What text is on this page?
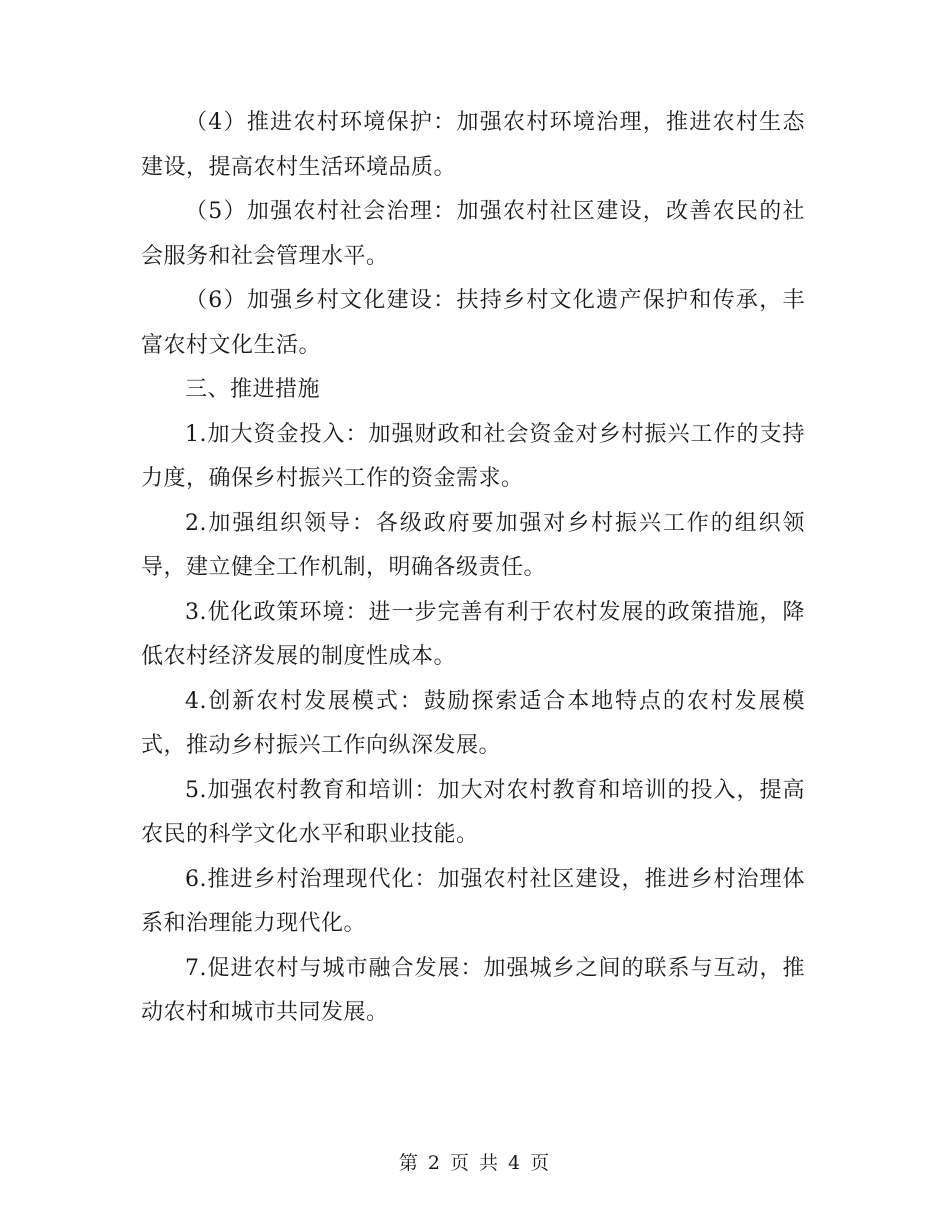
（4）推进农村环境保护：加强农村环境治理，推进农村生态建设，提高农村生活环境品质。

（5）加强农村社会治理：加强农村社区建设，改善农民的社会服务和社会管理水平。

（6）加强乡村文化建设：扶持乡村文化遗产保护和传承，丰富农村文化生活。

三、推进措施

1.加大资金投入：加强财政和社会资金对乡村振兴工作的支持力度，确保乡村振兴工作的资金需求。

2.加强组织领导：各级政府要加强对乡村振兴工作的组织领导，建立健全工作机制，明确各级责任。

3.优化政策环境：进一步完善有利于农村发展的政策措施，降低农村经济发展的制度性成本。

4.创新农村发展模式：鼓励探索适合本地特点的农村发展模式，推动乡村振兴工作向纵深发展。

5.加强农村教育和培训：加大对农村教育和培训的投入，提高农民的科学文化水平和职业技能。

6.推进乡村治理现代化：加强农村社区建设，推进乡村治理体系和治理能力现代化。

7.促进农村与城市融合发展：加强城乡之间的联系与互动，推动农村和城市共同发展。

第 2 页 共 4 页
